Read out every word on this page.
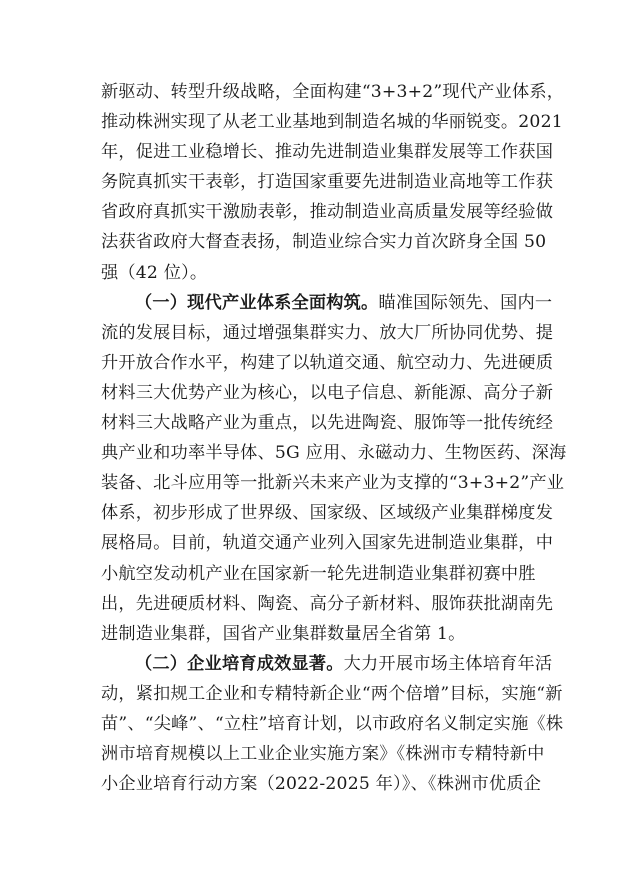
新驱动、转型升级战略，全面构建“3+3+2”现代产业体系，
推动株洲实现了从老工业基地到制造名城的华丽锐变。2021
年，促进工业稳增长、推动先进制造业集群发展等工作获国
务院真抓实干表彰，打造国家重要先进制造业高地等工作获
省政府真抓实干激励表彰，推动制造业高质量发展等经验做
法获省政府大督查表扬，制造业综合实力首次跻身全国 50
强（42 位）。
（一）现代产业体系全面构筑。瞄准国际领先、国内一
流的发展目标，通过增强集群实力、放大厂所协同优势、提
升开放合作水平，构建了以轨道交通、航空动力、先进硬质
材料三大优势产业为核心，以电子信息、新能源、高分子新
材料三大战略产业为重点，以先进陶瓷、服饰等一批传统经
典产业和功率半导体、5G 应用、永磁动力、生物医药、深海
装备、北斗应用等一批新兴未来产业为支撑的“3+3+2”产业
体系，初步形成了世界级、国家级、区域级产业集群梯度发
展格局。目前，轨道交通产业列入国家先进制造业集群，中
小航空发动机产业在国家新一轮先进制造业集群初赛中胜
出，先进硬质材料、陶瓷、高分子新材料、服饰获批湖南先
进制造业集群，国省产业集群数量居全省第 1。
（二）企业培育成效显著。大力开展市场主体培育年活
动，紧扣规工企业和专精特新企业“两个倍增”目标，实施“新
苗”、“尖峰”、“立柱”培育计划，以市政府名义制定实施《株
洲市培育规模以上工业企业实施方案》《株洲市专精特新中
小企业培育行动方案（2022-2025 年）》、《株洲市优质企
